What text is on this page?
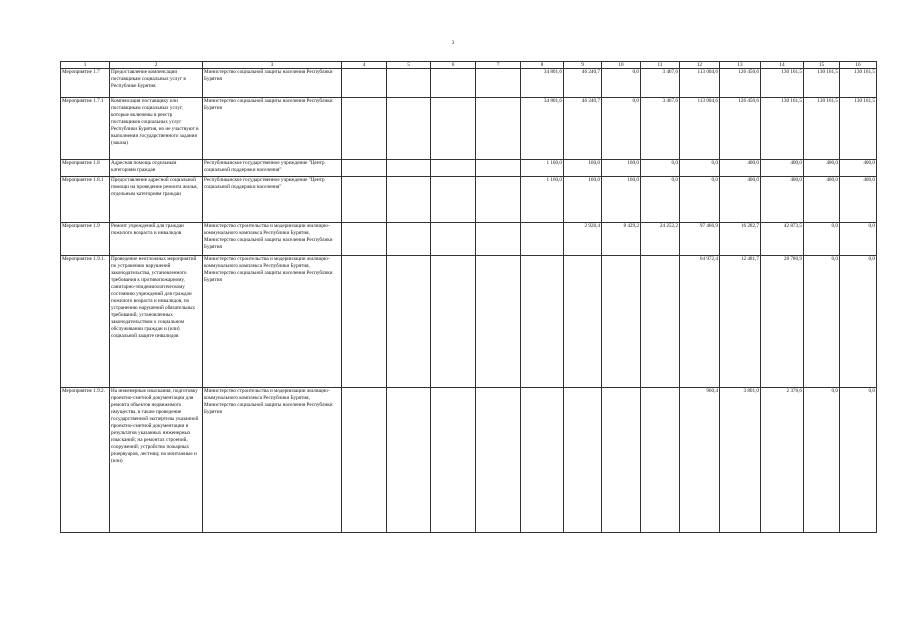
3
1	2	3	4	5	6	7	8	9	10	11	12	13	14	15	16
Мероприятие 1.7	Предоставление компенсации поставщикам социальных услуг в Республике Бурятия	Министерство социальной защиты населения Республики Бурятия					34 801,6	46 240,7	0,0	3 467,6	113 004,6	126 450,6	130 161,5	130 161,5	130 161,5
Мероприятие 1.7.1	Компенсация поставщику или поставщикам социальных услуг, которые включены в реестр поставщиков социальных услуг Республики Бурятия, но не участвуют в выполнении государственного задания (заказа)	Министерство социальной защиты населения Республики Бурятия					34 801,6	46 240,7	0,0	3 467,6	113 004,6	126 450,6	130 161,5	130 161,5	130 161,5
Мероприятие 1.8	Адресная помощь отдельным категориям граждан	Республиканское государственное учреждение "Центр социальной поддержки населения"					1 160,0	160,0	160,0	0,0	0,0	400,0	400,0	400,0	400,0
Мероприятие 1.8.1	Предоставление адресной социальной помощи на проведение ремонта жилья, отдельным категориям граждан	Республиканское государственное учреждение "Центр социальной поддержки населения"					1 160,0	160,0	160,0	0,0	0,0	400,0	400,0	400,0	400,0
Мероприятие 1.9	Ремонт учреждений для граждан пожилого возраста и инвалидов	Министерство строительства и модернизации жилищно-коммунального комплекса Республики Бурятия, Министерство социальной защиты населения Республики Бурятия						2 928,4	8 429,2	24 252,2	97 466,9	16 282,7	42 873,5	0,0	0,0
Мероприятие 1.9.1.	Проведение неотложных мероприятий по устранению нарушений законодательства, установленного требования к противопожарному, санитарно-эпидемиологическому состоянию учреждений для граждан пожилого возраста и инвалидов, по устранению нарушений обязательных требований, установленных законодательством о социальном обслуживании граждан и (или) социальной защите инвалидов	Министерство строительства и модернизации жилищно-коммунального комплекса Республики Бурятия, Министерство социальной защиты населения Республики Бурятия									64 972,4	12 481,7	28 780,9	0,0	0,0
Мероприятие 1.9.2.	На инженерные изыскания, подготовку проектно-сметной документации для ремонта объектов недвижимого имущества, в также проведение государственной экспертизы указанной проектно-сметной документации и результатов указанных инженерных изысканий; на ремонтах строений, сооружений; устройство пожарных резервуаров, лестниц; на монтажные и (или)	Министерство строительства и модернизации жилищно-коммунального комплекса Республики Бурятия, Министерство социальной защиты населения Республики Бурятия									960,4	3 801,0	2 376,6	0,0	0,0
